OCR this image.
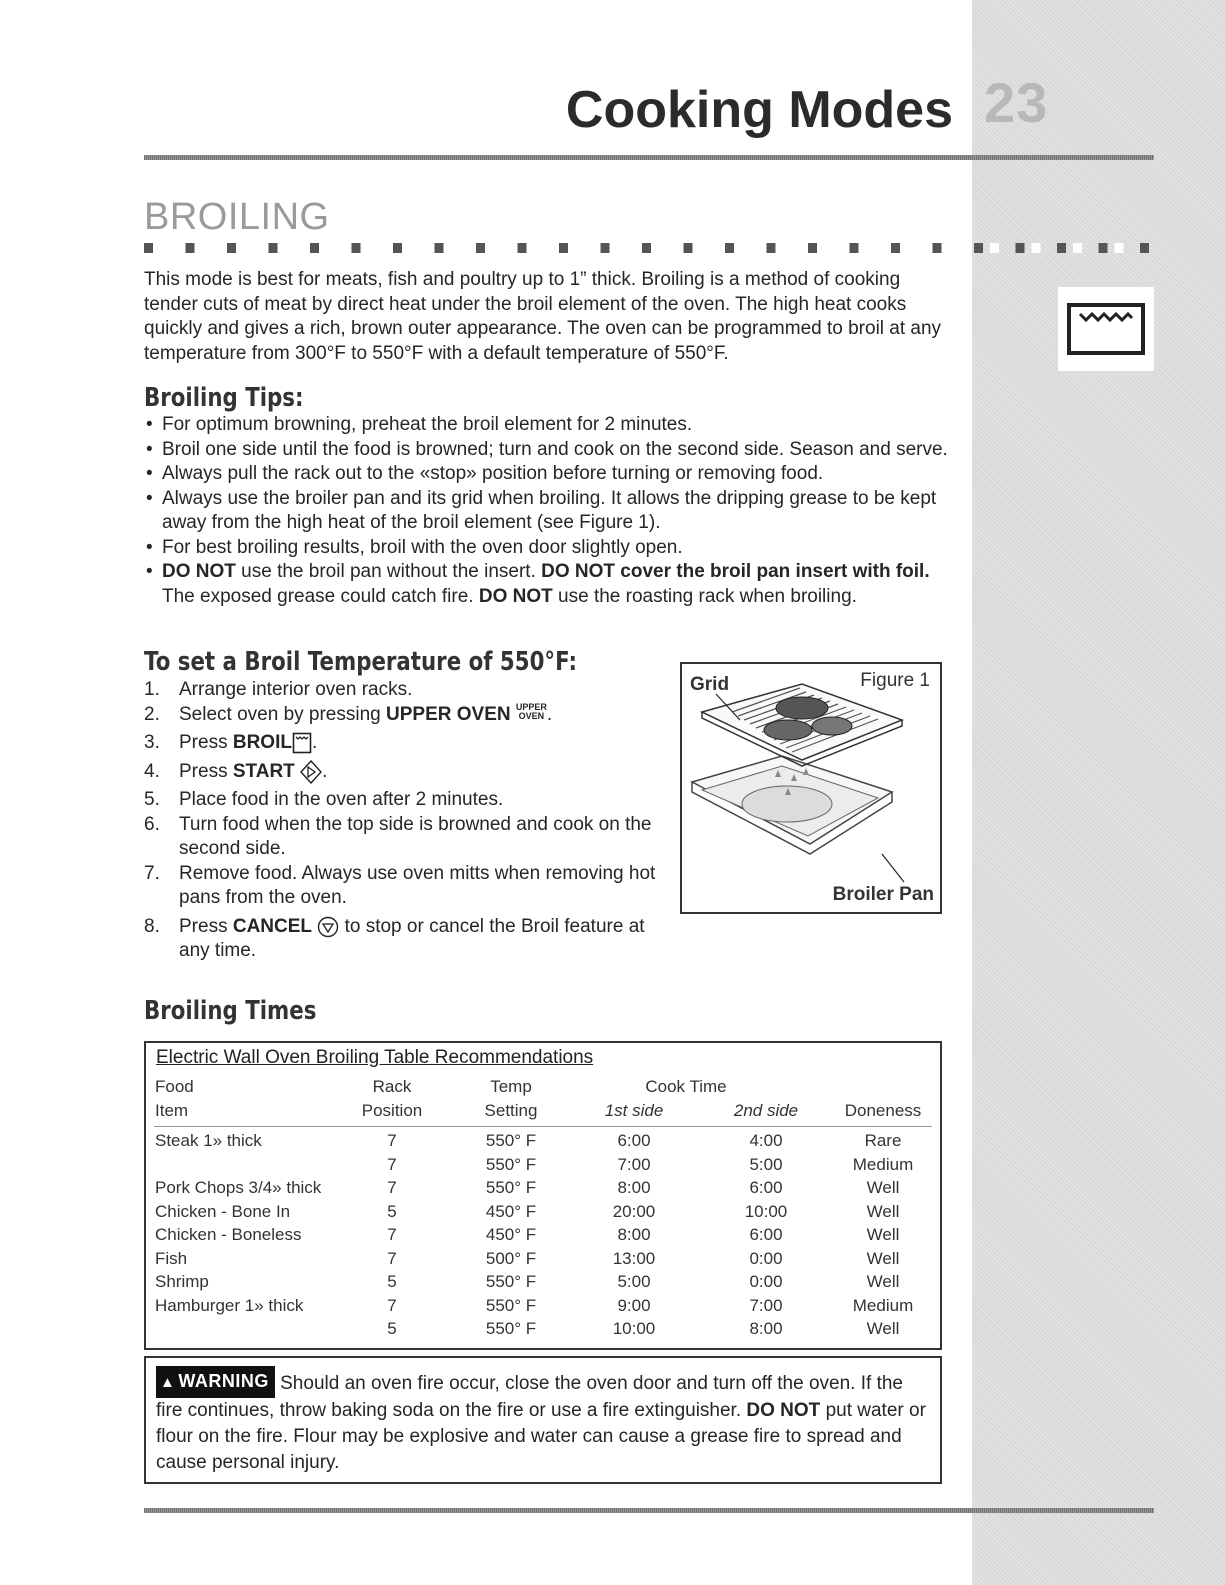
Cooking Modes 23
BROILING
This mode is best for meats, fish and poultry up to 1” thick. Broiling is a method of cooking tender cuts of meat by direct heat under the broil element of the oven. The high heat cooks quickly and gives a rich, brown outer appearance. The oven can be programmed to broil at any temperature from 300°F to 550°F with a default temperature of 550°F.
Broiling Tips:
• For optimum browning, preheat the broil element for 2 minutes.
• Broil one side until the food is browned; turn and cook on the second side. Season and serve.
• Always pull the rack out to the «stop» position before turning or removing food.
• Always use the broiler pan and its grid when broiling. It allows the dripping grease to be kept away from the high heat of the broil element (see Figure 1).
• For best broiling results, broil with the oven door slightly open.
• DO NOT use the broil pan without the insert. DO NOT cover the broil pan insert with foil. The exposed grease could catch fire. DO NOT use the roasting rack when broiling.
To set a Broil Temperature of 550°F:
1. Arrange interior oven racks.
2. Select oven by pressing UPPER OVEN UPPER
OVEN .
3. Press BROIL .
4. Press START .
5. Place food in the oven after 2 minutes.
6. Turn food when the top side is browned and cook on the second side.
7. Remove food. Always use oven mitts when removing hot pans from the oven.
8. Press CANCEL  to stop or cancel the Broil feature at any time.
Grid	Figure 1
Broiler Pan
Broiling Times
Electric Wall Oven Broiling Table Recommendations
Food	Rack	Temp	Cook Time
Item	Position	Setting	1st side	2nd side	Doneness
Steak 1» thick	7	550° F	6:00	4:00	Rare
7	550° F	7:00	5:00	Medium
Pork Chops 3/4» thick	7	550° F	8:00	6:00	Well
Chicken - Bone In	5	450° F	20:00	10:00	Well
Chicken - Boneless	7	450° F	8:00	6:00	Well
Fish	7	500° F	13:00	0:00	Well
Shrimp	5	550° F	5:00	0:00	Well
Hamburger 1» thick	7	550° F	9:00	7:00	Medium
5	550° F	10:00	8:00	Well
▲ WARNING Should an oven fire occur, close the oven door and turn off the oven. If the fire continues, throw baking soda on the fire or use a fire extinguisher. DO NOT put water or flour on the fire. Flour may be explosive and water can cause a grease fire to spread and cause personal injury.
